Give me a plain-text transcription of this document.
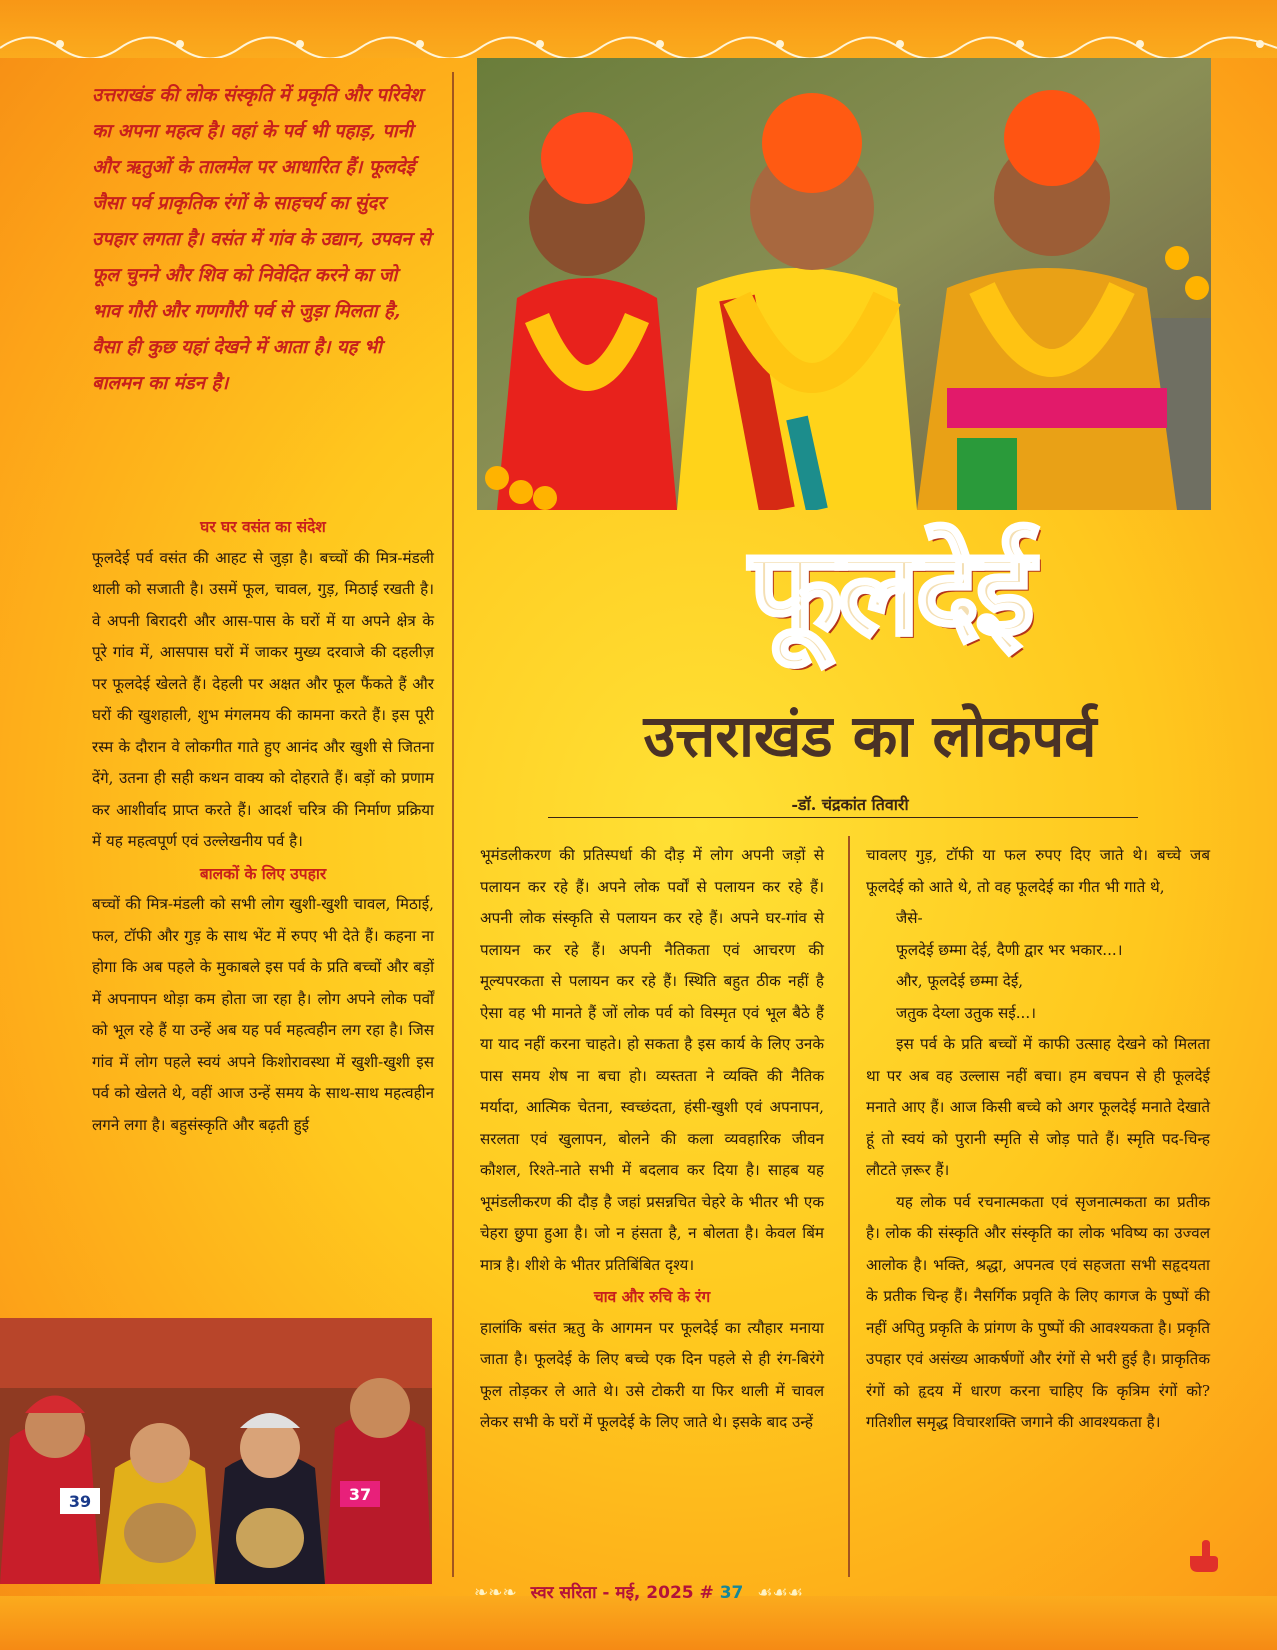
उत्तराखंड की लोक संस्कृति में प्रकृति और परिवेश का अपना महत्व है। वहां के पर्व भी पहाड़, पानी और ऋतुओं के तालमेल पर आधारित हैं। फूलदेई जैसा पर्व प्राकृतिक रंगों के साहचर्य का सुंदर उपहार लगता है। वसंत में गांव के उद्यान, उपवन से फूल चुनने और शिव को निवेदित करने का जो भाव गौरी और गणगौरी पर्व से जुड़ा मिलता है, वैसा ही कुछ यहां देखने में आता है। यह भी बालमन का मंडन है।

घर घर वसंत का संदेश

फूलदेई पर्व वसंत की आहट से जुड़ा है। बच्चों की मित्र-मंडली थाली को सजाती है। उसमें फूल, चावल, गुड़, मिठाई रखती है। वे अपनी बिरादरी और आस-पास के घरों में या अपने क्षेत्र के पूरे गांव में, आसपास घरों में जाकर मुख्य दरवाजे की दहलीज़ पर फूलदेई खेलते हैं। देहली पर अक्षत और फूल फैंकते हैं और घरों की खुशहाली, शुभ मंगलमय की कामना करते हैं। इस पूरी रस्म के दौरान वे लोकगीत गाते हुए आनंद और खुशी से जितना देंगे, उतना ही सही कथन वाक्य को दोहराते हैं। बड़ों को प्रणाम कर आशीर्वाद प्राप्त करते हैं। आदर्श चरित्र की निर्माण प्रक्रिया में यह महत्वपूर्ण एवं उल्लेखनीय पर्व है।

बालकों के लिए उपहार

बच्चों की मित्र-मंडली को सभी लोग खुशी-खुशी चावल, मिठाई, फल, टॉफी और गुड़ के साथ भेंट में रुपए भी देते हैं। कहना ना होगा कि अब पहले के मुकाबले इस पर्व के प्रति बच्चों और बड़ों में अपनापन थोड़ा कम होता जा रहा है। लोग अपने लोक पर्वों को भूल रहे हैं या उन्हें अब यह पर्व महत्वहीन लग रहा है। जिस गांव में लोग पहले स्वयं अपने किशोरावस्था में खुशी-खुशी इस पर्व को खेलते थे, वहीं आज उन्हें समय के साथ-साथ महत्वहीन लगने लगा है। बहुसंस्कृति और बढ़ती हुई

फूलदेई
उत्तराखंड का लोकपर्व
-डॉ. चंद्रकांत तिवारी

भूमंडलीकरण की प्रतिस्पर्धा की दौड़ में लोग अपनी जड़ों से पलायन कर रहे हैं। अपने लोक पर्वों से पलायन कर रहे हैं। अपनी लोक संस्कृति से पलायन कर रहे हैं। अपने घर-गांव से पलायन कर रहे हैं। अपनी नैतिकता एवं आचरण की मूल्यपरकता से पलायन कर रहे हैं। स्थिति बहुत ठीक नहीं है ऐसा वह भी मानते हैं जों लोक पर्व को विस्मृत एवं भूल बैठे हैं या याद नहीं करना चाहते। हो सकता है इस कार्य के लिए उनके पास समय शेष ना बचा हो। व्यस्तता ने व्यक्ति की नैतिक मर्यादा, आत्मिक चेतना, स्वच्छंदता, हंसी-खुशी एवं अपनापन, सरलता एवं खुलापन, बोलने की कला व्यवहारिक जीवन कौशल, रिश्ते-नाते सभी में बदलाव कर दिया है। साहब यह भूमंडलीकरण की दौड़ है जहां प्रसन्नचित चेहरे के भीतर भी एक चेहरा छुपा हुआ है। जो न हंसता है, न बोलता है। केवल बिंम मात्र है। शीशे के भीतर प्रतिबिंबित दृश्य।

चाव और रुचि के रंग

हालांकि बसंत ऋतु के आगमन पर फूलदेई का त्यौहार मनाया जाता है। फूलदेई के लिए बच्चे एक दिन पहले से ही रंग-बिरंगे फूल तोड़कर ले आते थे। उसे टोकरी या फिर थाली में चावल लेकर सभी के घरों में फूलदेई के लिए जाते थे। इसके बाद उन्हें

चावलए गुड़, टॉफी या फल रुपए दिए जाते थे। बच्चे जब फूलदेई को आते थे, तो वह फूलदेई का गीत भी गाते थे,

जैसे-

फूलदेई छम्मा देई, दैणी द्वार भर भकार...।

और, फूलदेई छम्मा देई,

जतुक देय्ला उतुक सई...।

इस पर्व के प्रति बच्चों में काफी उत्साह देखने को मिलता था पर अब वह उल्लास नहीं बचा। हम बचपन से ही फूलदेई मनाते आए हैं। आज किसी बच्चे को अगर फूलदेई मनाते देखाते हूं तो स्वयं को पुरानी स्मृति से जोड़ पाते हैं। स्मृति पद-चिन्ह लौटते ज़रूर हैं।

यह लोक पर्व रचनात्मकता एवं सृजनात्मकता का प्रतीक है। लोक की संस्कृति और संस्कृति का लोक भविष्य का उज्वल आलोक है। भक्ति, श्रद्धा, अपनत्व एवं सहजता सभी सहृदयता के प्रतीक चिन्ह हैं। नैसर्गिक प्रवृति के लिए कागज के पुष्पों की नहीं अपितु प्रकृति के प्रांगण के पुष्पों की आवश्यकता है। प्रकृति उपहार एवं असंख्य आकर्षणों और रंगों से भरी हुई है। प्राकृतिक रंगों को हृदय में धारण करना चाहिए कि कृत्रिम रंगों को? गतिशील समृद्ध विचारशक्ति जगाने की आवश्यकता है।

39	37
❧❧❧ स्वर सरिता - मई, 2025 # 37 ☙☙☙
